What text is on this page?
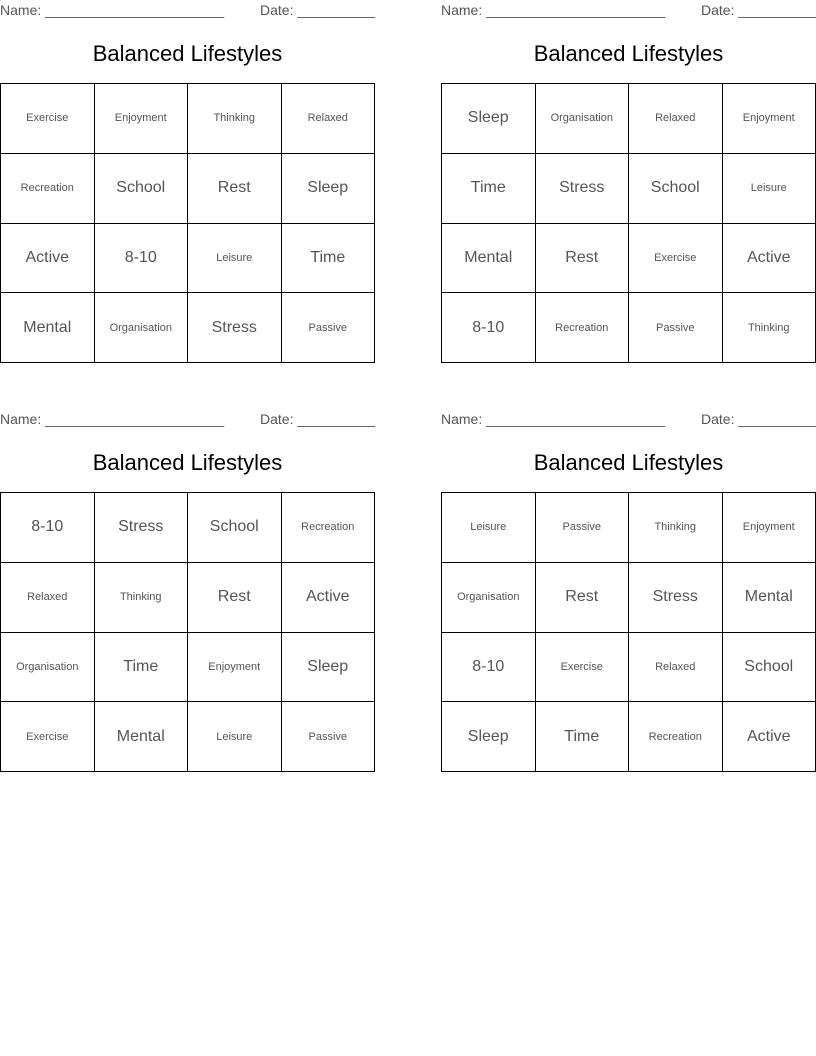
Name: _______________________	Date: __________
Balanced Lifestyles
Exercise	Enjoyment	Thinking	Relaxed
Recreation	School	Rest	Sleep
Active	8-10	Leisure	Time
Mental	Organisation	Stress	Passive
Name: _______________________	Date: __________
Balanced Lifestyles
Sleep	Organisation	Relaxed	Enjoyment
Time	Stress	School	Leisure
Mental	Rest	Exercise	Active
8-10	Recreation	Passive	Thinking
Name: _______________________	Date: __________
Balanced Lifestyles
8-10	Stress	School	Recreation
Relaxed	Thinking	Rest	Active
Organisation	Time	Enjoyment	Sleep
Exercise	Mental	Leisure	Passive
Name: _______________________	Date: __________
Balanced Lifestyles
Leisure	Passive	Thinking	Enjoyment
Organisation	Rest	Stress	Mental
8-10	Exercise	Relaxed	School
Sleep	Time	Recreation	Active
